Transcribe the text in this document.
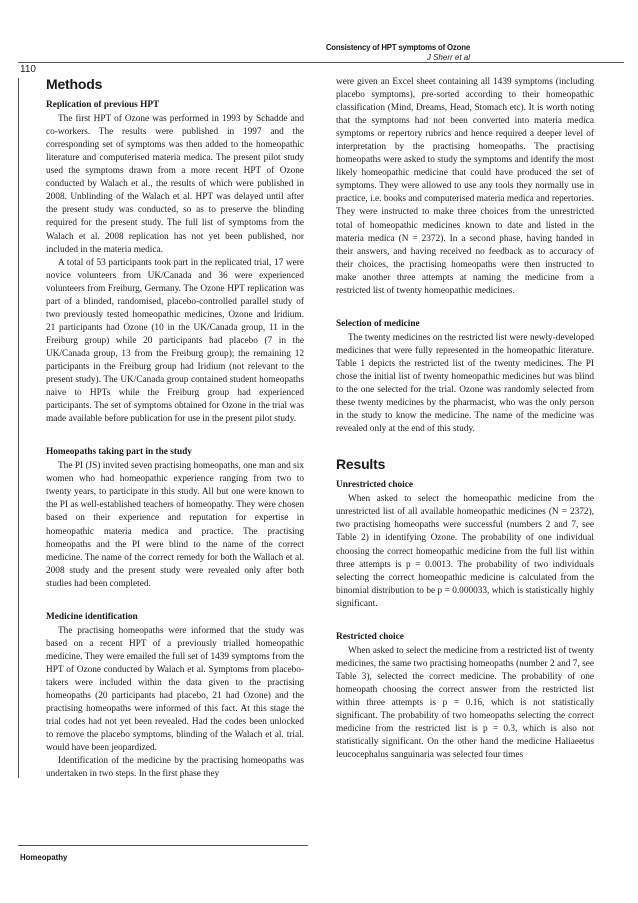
Consistency of HPT symptoms of Ozone
J Sherr et al
110
Methods
Replication of previous HPT

The first HPT of Ozone was performed in 1993 by Schadde and co-workers. The results were published in 1997 and the corresponding set of symptoms was then added to the homeopathic literature and computerised materia medica. The present pilot study used the symptoms drawn from a more recent HPT of Ozone conducted by Walach et al., the results of which were published in 2008. Unblinding of the Walach et al. HPT was delayed until after the present study was conducted, so as to preserve the blinding required for the present study. The full list of symptoms from the Walach et al. 2008 replication has not yet been published, nor included in the materia medica.

A total of 53 participants took part in the replicated trial, 17 were novice volunteers from UK/Canada and 36 were experienced volunteers from Freiburg, Germany. The Ozone HPT replication was part of a blinded, randomised, placebo-controlled parallel study of two previously tested homeopathic medicines, Ozone and Iridium. 21 participants had Ozone (10 in the UK/Canada group, 11 in the Freiburg group) while 20 participants had placebo (7 in the UK/Canada group, 13 from the Freiburg group); the remaining 12 participants in the Freiburg group had Iridium (not relevant to the present study). The UK/Canada group contained student homeopaths naive to HPTs while the Freiburg group had experienced participants. The set of symptoms obtained for Ozone in the trial was made available before publication for use in the present pilot study.

Homeopaths taking part in the study

The PI (JS) invited seven practising homeopaths, one man and six women who had homeopathic experience ranging from two to twenty years, to participate in this study. All but one were known to the PI as well-established teachers of homeopathy. They were chosen based on their experience and reputation for expertise in homeopathic materia medica and practice. The practising homeopaths and the PI were blind to the name of the correct medicine. The name of the correct remedy for both the Wallach et al. 2008 study and the present study were revealed only after both studies had been completed.

Medicine identification

The practising homeopaths were informed that the study was based on a recent HPT of a previously trialled homeopathic medicine. They were emailed the full set of 1439 symptoms from the HPT of Ozone conducted by Walach et al. Symptoms from placebo-takers were included within the data given to the practising homeopaths (20 participants had placebo, 21 had Ozone) and the practising homeopaths were informed of this fact. At this stage the trial codes had not yet been revealed. Had the codes been unlocked to remove the placebo symptoms, blinding of the Walach et al. trial. would have been jeopardized.

Identification of the medicine by the practising homeopaths was undertaken in two steps. In the first phase they

were given an Excel sheet containing all 1439 symptoms (including placebo symptoms), pre-sorted according to their homeopathic classification (Mind, Dreams, Head, Stomach etc). It is worth noting that the symptoms had not been converted into materia medica symptoms or repertory rubrics and hence required a deeper level of interpretation by the practising homeopaths. The practising homeopaths were asked to study the symptoms and identify the most likely homeopathic medicine that could have produced the set of symptoms. They were allowed to use any tools they normally use in practice, i.e. books and computerised materia medica and repertories. They were instructed to make three choices from the unrestricted total of homeopathic medicines known to date and listed in the materia medica (N = 2372). In a second phase, having handed in their answers, and having received no feedback as to accuracy of their choices, the practising homeopaths were then instructed to make another three attempts at naming the medicine from a restricted list of twenty homeopathic medicines.

Selection of medicine

The twenty medicines on the restricted list were newly-developed medicines that were fully represented in the homeopathic literature. Table 1 depicts the restricted list of the twenty medicines. The PI chose the initial list of twenty homeopathic medicines but was blind to the one selected for the trial. Ozone was randomly selected from these twenty medicines by the pharmacist, who was the only person in the study to know the medicine. The name of the medicine was revealed only at the end of this study.

Results
Unrestricted choice

When asked to select the homeopathic medicine from the unrestricted list of all available homeopathic medicines (N = 2372), two practising homeopaths were successful (numbers 2 and 7, see Table 2) in identifying Ozone. The probability of one individual choosing the correct homeopathic medicine from the full list within three attempts is p = 0.0013. The probability of two individuals selecting the correct homeopathic medicine is calculated from the binomial distribution to be p = 0.000033, which is statistically highly significant.

Restricted choice

When asked to select the medicine from a restricted list of twenty medicines, the same two practising homeopaths (number 2 and 7, see Table 3), selected the correct medicine. The probability of one homeopath choosing the correct answer from the restricted list within three attempts is p = 0.16, which is not statistically significant. The probability of two homeopaths selecting the correct medicine from the restricted list is p = 0.3, which is also not statistically significant. On the other hand the medicine Haliaeetus leucocephalus sanguinaria was selected four times

Homeopathy
